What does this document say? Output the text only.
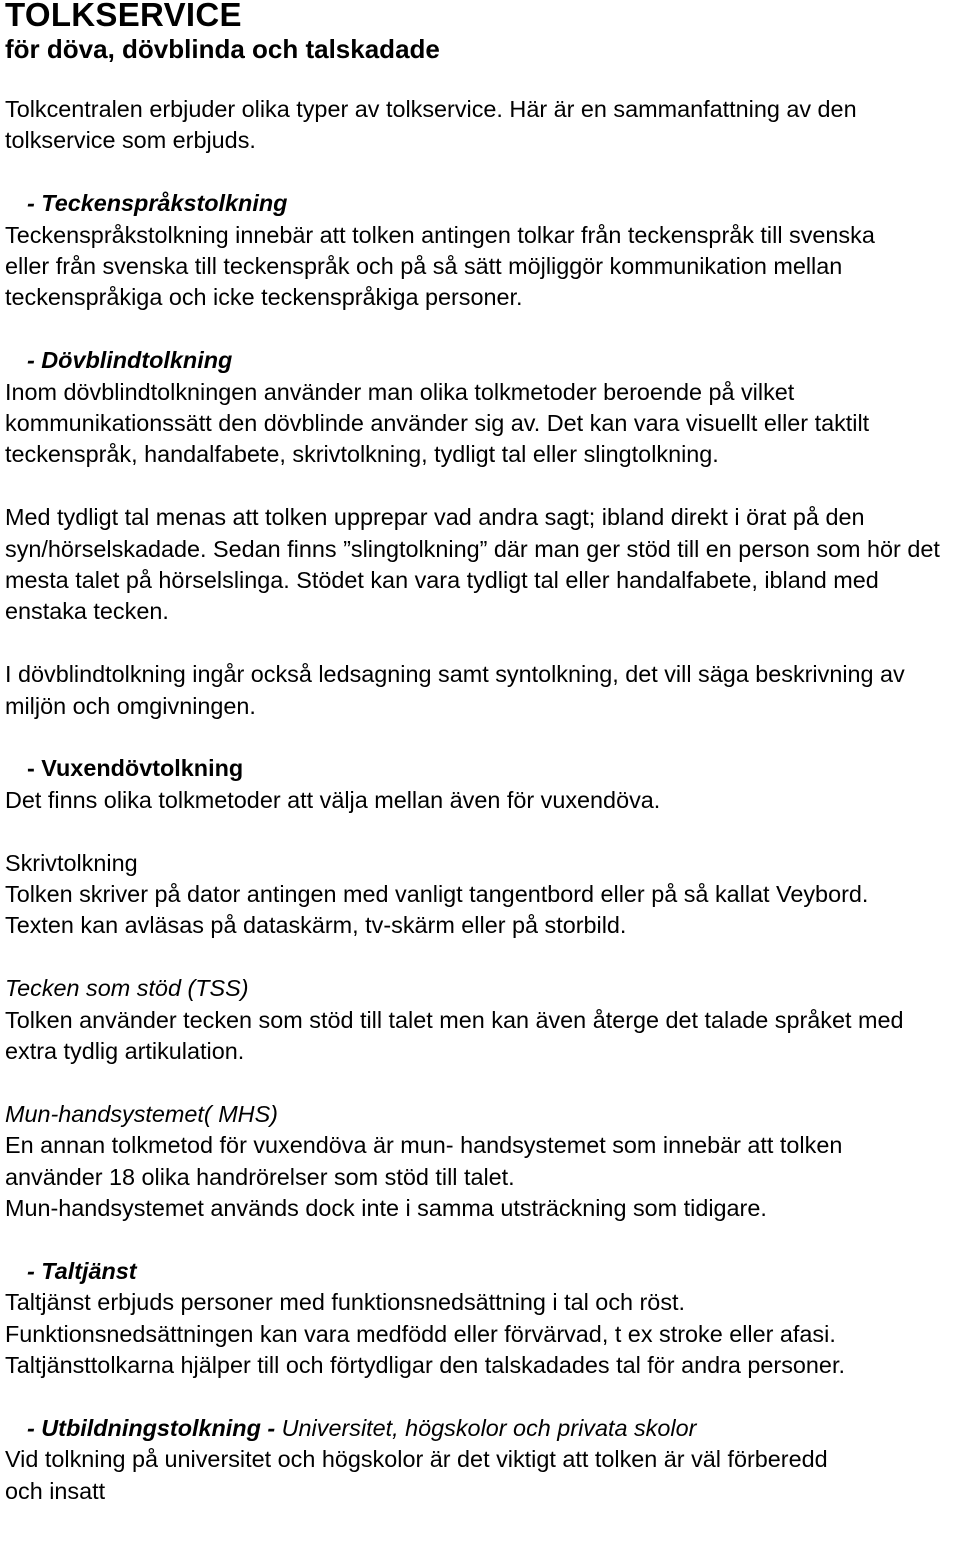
TOLKSERVICE
för döva, dövblinda och talskadade

Tolkcentralen erbjuder olika typer av tolkservice. Här är en sammanfattning av den tolkservice som erbjuds.

- Teckenspråkstolkning

Teckenspråkstolkning innebär att tolken antingen tolkar från teckenspråk till svenska eller från svenska till teckenspråk och på så sätt möjliggör kommunikation mellan teckenspråkiga och icke teckenspråkiga personer.

- Dövblindtolkning

Inom dövblindtolkningen använder man olika tolkmetoder beroende på vilket kommunikationssätt den dövblinde använder sig av. Det kan vara visuellt eller taktilt teckenspråk, handalfabete, skrivtolkning, tydligt tal eller slingtolkning.

Med tydligt tal menas att tolken upprepar vad andra sagt; ibland direkt i örat på den syn/hörselskadade. Sedan finns ”slingtolkning” där man ger stöd till en person som hör det mesta talet på hörselslinga. Stödet kan vara tydligt tal eller handalfabete, ibland med enstaka tecken.

I dövblindtolkning ingår också ledsagning samt syntolkning, det vill säga beskrivning av miljön och omgivningen.

- Vuxendövtolkning

Det finns olika tolkmetoder att välja mellan även för vuxendöva.

Skrivtolkning

Tolken skriver på dator antingen med vanligt tangentbord eller på så kallat Veybord. Texten kan avläsas på dataskärm, tv-skärm eller på storbild.

Tecken som stöd (TSS)

Tolken använder tecken som stöd till talet men kan även återge det talade språket med extra tydlig artikulation.

Mun-handsystemet( MHS)

En annan tolkmetod för vuxendöva är mun- handsystemet som innebär att tolken använder 18 olika handrörelser som stöd till talet.

Mun-handsystemet används dock inte i samma utsträckning som tidigare.

- Taltjänst

Taltjänst erbjuds personer med funktionsnedsättning i tal och röst.

Funktionsnedsättningen kan vara medfödd eller förvärvad, t ex stroke eller afasi. Taltjänsttolkarna hjälper till och förtydligar den talskadades tal för andra personer.

- Utbildningstolkning - Universitet, högskolor och privata skolor

Vid tolkning på universitet och högskolor är det viktigt att tolken är väl förberedd och insatt
